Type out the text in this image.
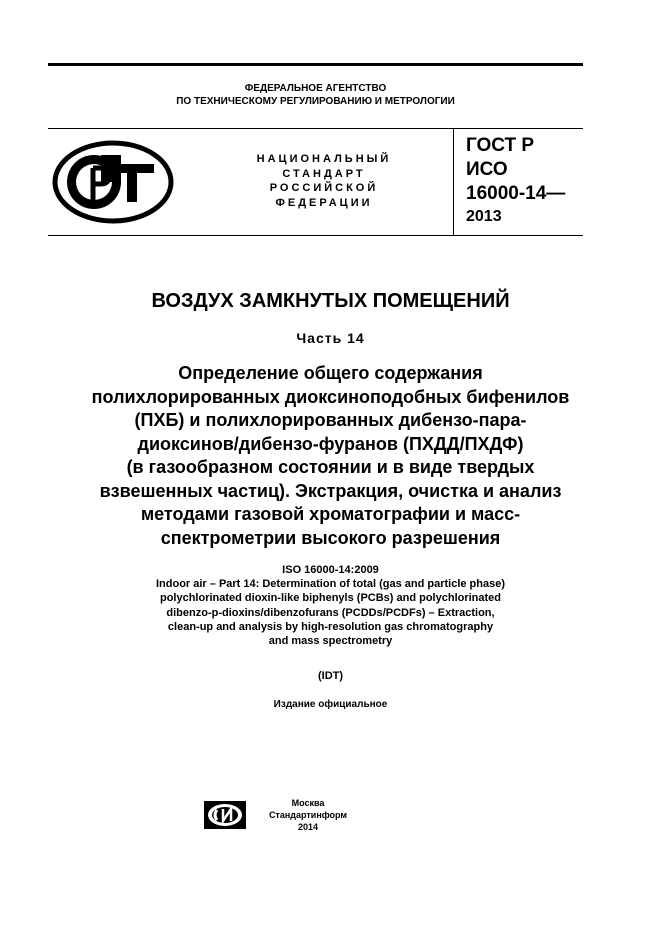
ФЕДЕРАЛЬНОЕ АГЕНТСТВО
ПО ТЕХНИЧЕСКОМУ РЕГУЛИРОВАНИЮ И МЕТРОЛОГИИ
НАЦИОНАЛЬНЫЙ
СТАНДАРТ
РОССИЙСКОЙ
ФЕДЕРАЦИИ
ГОСТ Р
ИСО
16000-14—
2013
ВОЗДУХ ЗАМКНУТЫХ ПОМЕЩЕНИЙ
Часть 14
Определение общего содержания
полихлорированных диоксиноподобных бифенилов
(ПХБ) и полихлорированных дибензо-пара-
диоксинов/дибензо-фуранов (ПХДД/ПХДФ)
(в газообразном состоянии и в виде твердых
взвешенных частиц). Экстракция, очистка и анализ
методами газовой хроматографии и масс-
спектрометрии высокого разрешения
ISO 16000-14:2009
Indoor air – Part 14: Determination of total (gas and particle phase)
polychlorinated dioxin-like biphenyls (PCBs) and polychlorinated
dibenzo-p-dioxins/dibenzofurans (PCDDs/PCDFs) – Extraction,
clean-up and analysis by high-resolution gas chromatography
and mass spectrometry
(IDT)
Издание официальное
Москва
Стандартинформ
2014
